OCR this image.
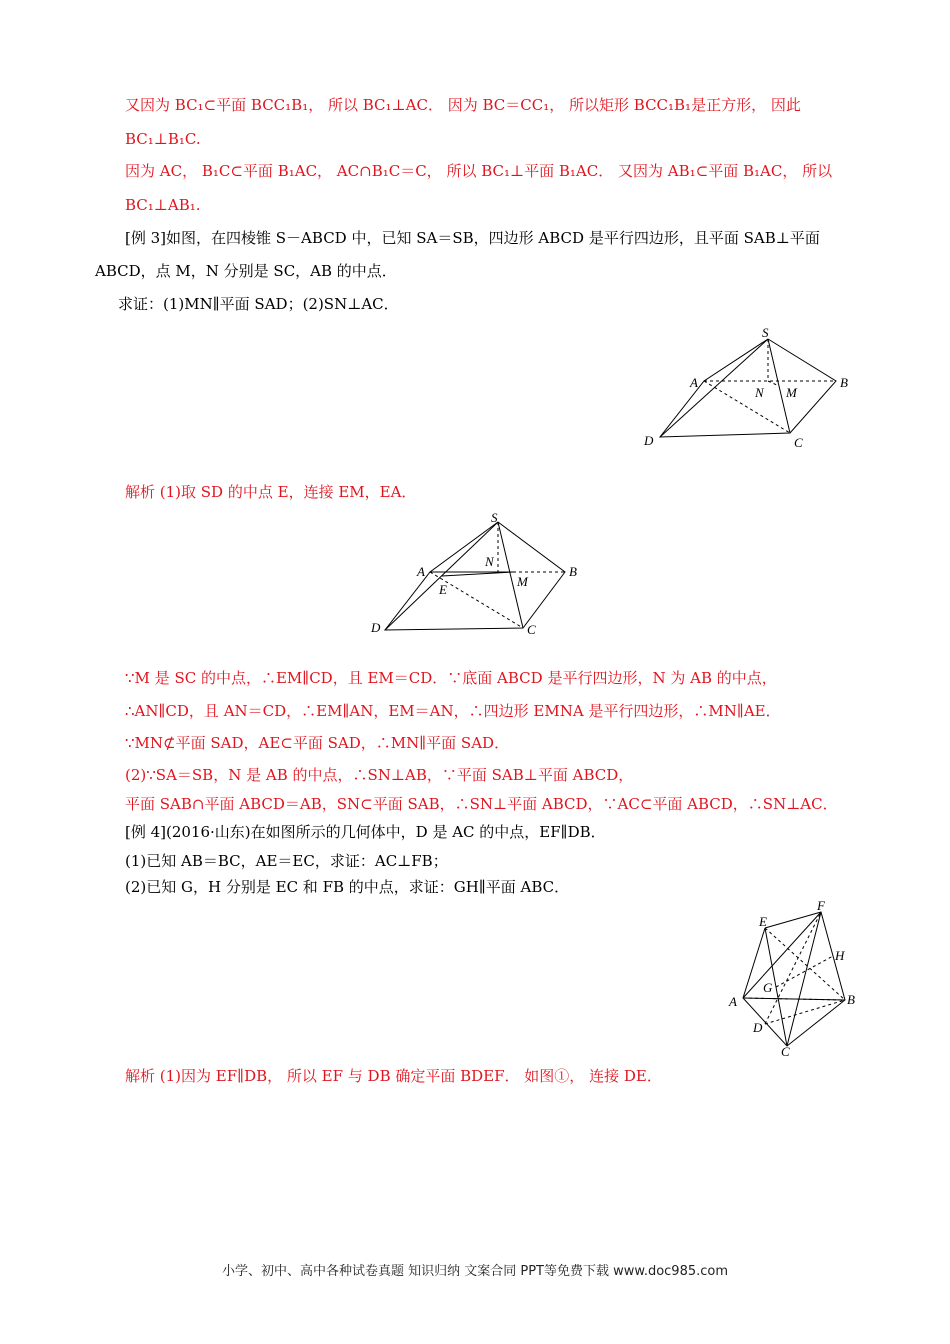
又因为 BC₁⊂平面 BCC₁B₁， 所以 BC₁⊥AC． 因为 BC＝CC₁， 所以矩形 BCC₁B₁是正方形， 因此
BC₁⊥B₁C.
因为 AC， B₁C⊂平面 B₁AC， AC∩B₁C＝C， 所以 BC₁⊥平面 B₁AC． 又因为 AB₁⊂平面 B₁AC， 所以
BC₁⊥AB₁.
[例 3]如图，在四棱锥 S－ABCD 中，已知 SA＝SB，四边形 ABCD 是平行四边形，且平面 SAB⊥平面
ABCD，点 M，N 分别是 SC，AB 的中点．
求证：(1)MN∥平面 SAD；(2)SN⊥AC．
S
A	B
N M
D	C
解析 (1)取 SD 的中点 E，连接 EM，EA．
S
A
N
M
B
E
D	C
∵M 是 SC 的中点，∴EM∥CD，且 EM＝CD．∵底面 ABCD 是平行四边形，N 为 AB 的中点，
∴AN∥CD，且 AN＝CD，∴EM∥AN，EM＝AN，∴四边形 EMNA 是平行四边形，∴MN∥AE．
∵MN⊄平面 SAD，AE⊂平面 SAD，∴MN∥平面 SAD．
(2)∵SA＝SB，N 是 AB 的中点，∴SN⊥AB，∵平面 SAB⊥平面 ABCD，
平面 SAB∩平面 ABCD＝AB，SN⊂平面 SAB，∴SN⊥平面 ABCD，∵AC⊂平面 ABCD，∴SN⊥AC．
[例 4](2016·山东)在如图所示的几何体中，D 是 AC 的中点，EF∥DB．
(1)已知 AB＝BC，AE＝EC，求证：AC⊥FB；
(2)已知 G，H 分别是 EC 和 FB 的中点，求证：GH∥平面 ABC．
E
F
H
G
A	B
D
C
解析 (1)因为 EF∥DB， 所以 EF 与 DB 确定平面 BDEF． 如图①， 连接 DE．
小学、初中、高中各种试卷真题 知识归纳 文案合同 PPT等免费下载 www.doc985.com
